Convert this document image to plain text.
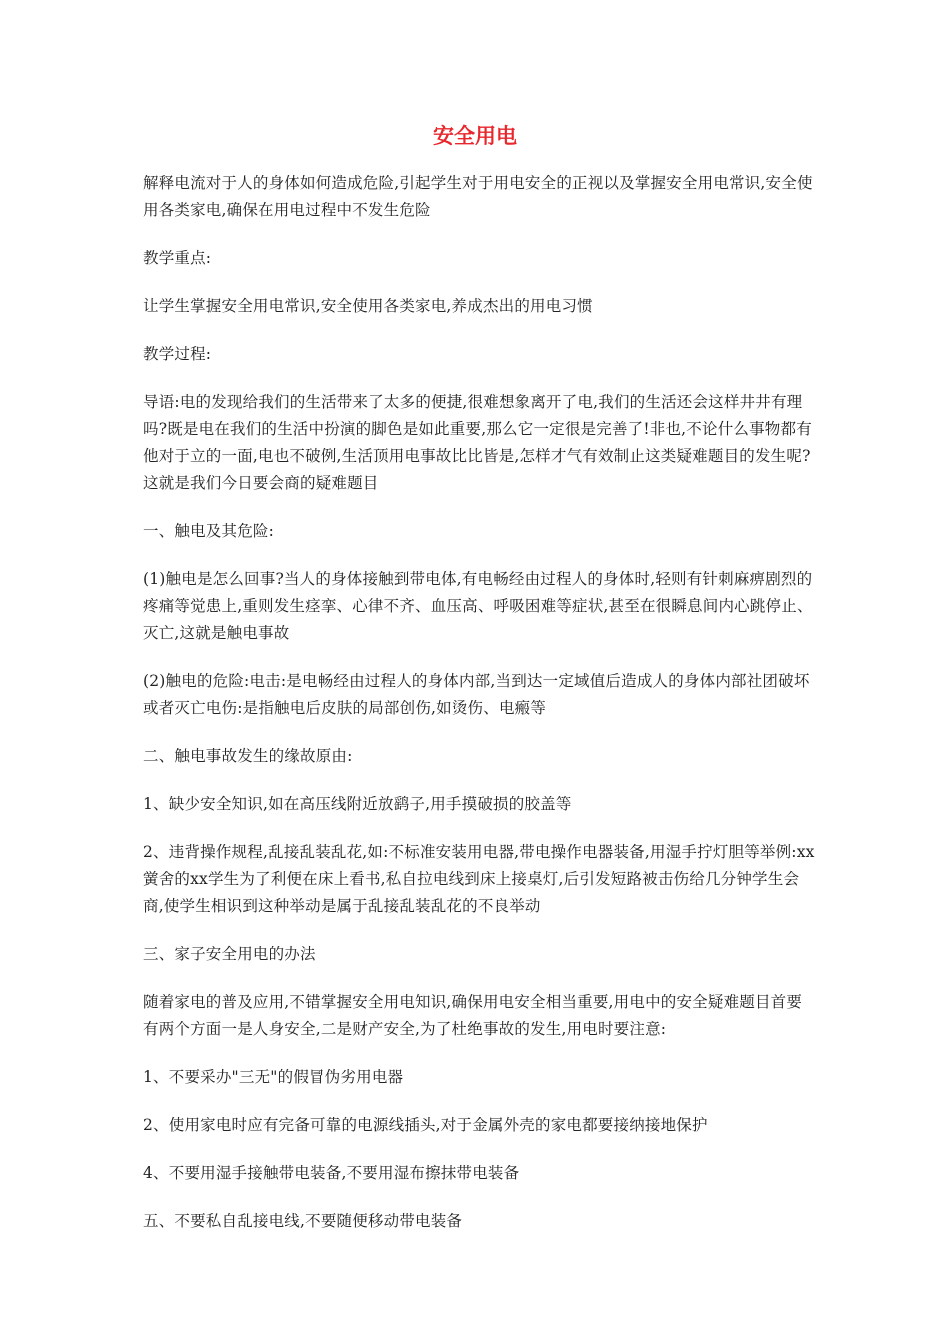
安全用电

解释电流对于人的身体如何造成危险,引起学生对于用电安全的正视以及掌握安全用电常识,安全使用各类家电,确保在用电过程中不发生危险

教学重点:

让学生掌握安全用电常识,安全使用各类家电,养成杰出的用电习惯

教学过程:

导语:电的发现给我们的生活带来了太多的便捷,很难想象离开了电,我们的生活还会这样井井有理吗?既是电在我们的生活中扮演的脚色是如此重要,那么它一定很是完善了!非也,不论什么事物都有他对于立的一面,电也不破例,生活顶用电事故比比皆是,怎样才气有效制止这类疑难题目的发生呢?这就是我们今日要会商的疑难题目

一、触电及其危险:

(1)触电是怎么回事?当人的身体接触到带电体,有电畅经由过程人的身体时,轻则有针刺麻痹剧烈的疼痛等觉患上,重则发生痉挛、心律不齐、血压高、呼吸困难等症状,甚至在很瞬息间内心跳停止、灭亡,这就是触电事故

(2)触电的危险:电击:是电畅经由过程人的身体内部,当到达一定域值后造成人的身体内部社团破坏或者灭亡电伤:是指触电后皮肤的局部创伤,如烫伤、电瘢等

二、触电事故发生的缘故原由:

1、缺少安全知识,如在高压线附近放鹞子,用手摸破损的胶盖等

2、违背操作规程,乱接乱装乱花,如:不标准安装用电器,带电操作电器装备,用湿手拧灯胆等举例:xx黉舍的xx学生为了利便在床上看书,私自拉电线到床上接桌灯,后引发短路被击伤给几分钟学生会商,使学生相识到这种举动是属于乱接乱装乱花的不良举动

三、家子安全用电的办法

随着家电的普及应用,不错掌握安全用电知识,确保用电安全相当重要,用电中的安全疑难题目首要有两个方面一是人身安全,二是财产安全,为了杜绝事故的发生,用电时要注意:

1、不要采办"三无"的假冒伪劣用电器

2、使用家电时应有完备可靠的电源线插头,对于金属外壳的家电都要接纳接地保护

4、不要用湿手接触带电装备,不要用湿布擦抹带电装备

五、不要私自乱接电线,不要随便移动带电装备
